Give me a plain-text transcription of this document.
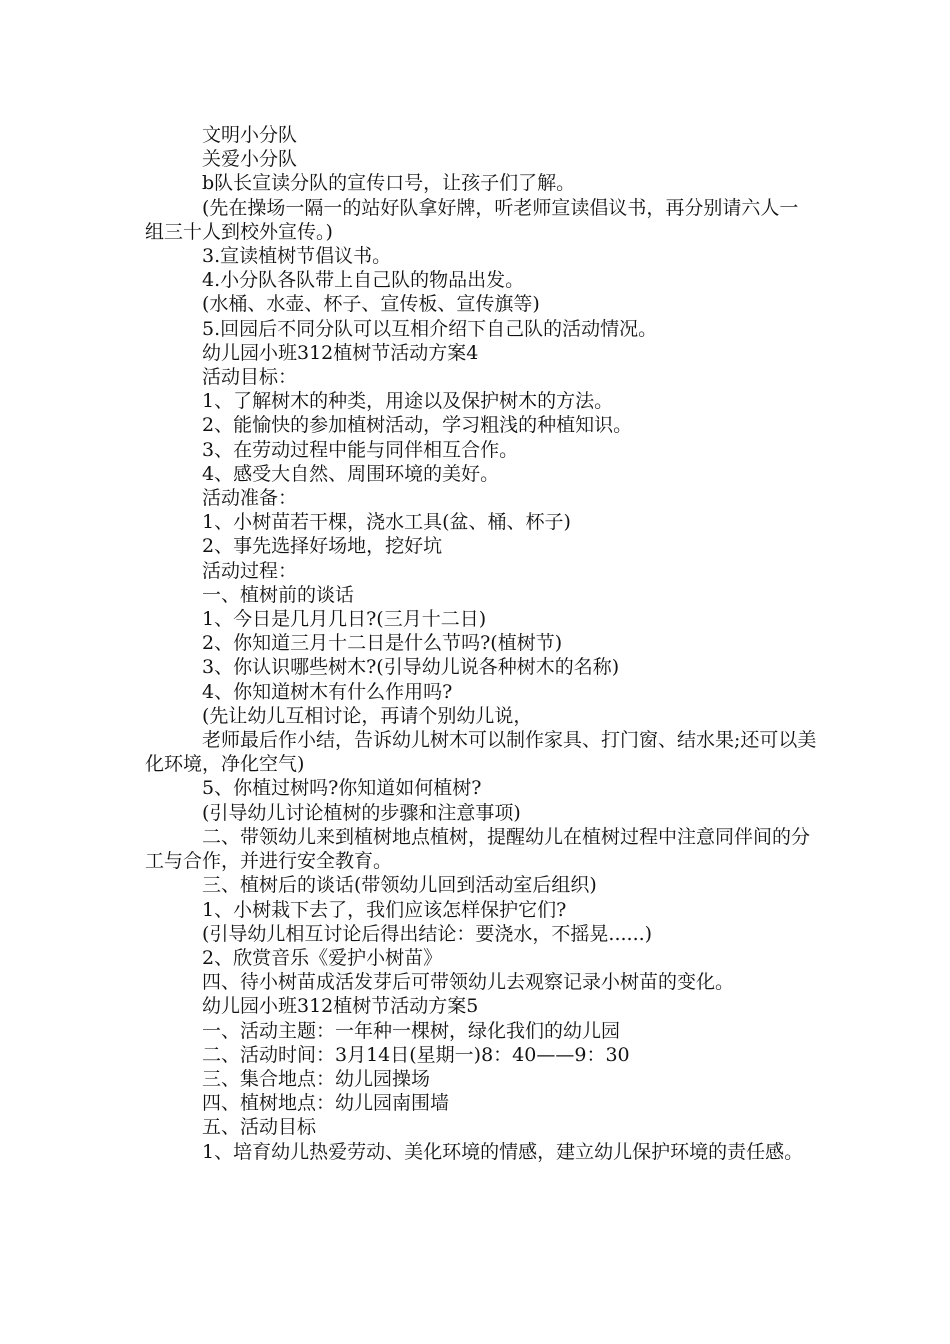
文明小分队
关爱小分队
b队长宣读分队的宣传口号，让孩子们了解。
(先在操场一隔一的站好队拿好牌，听老师宣读倡议书，再分别请六人一组三十人到校外宣传。)
3.宣读植树节倡议书。
4.小分队各队带上自己队的物品出发。
(水桶、水壶、杯子、宣传板、宣传旗等)
5.回园后不同分队可以互相介绍下自己队的活动情况。
幼儿园小班312植树节活动方案4
活动目标：
1、了解树木的种类，用途以及保护树木的方法。
2、能愉快的参加植树活动，学习粗浅的种植知识。
3、在劳动过程中能与同伴相互合作。
4、感受大自然、周围环境的美好。
活动准备：
1、小树苗若干棵，浇水工具(盆、桶、杯子)
2、事先选择好场地，挖好坑
活动过程：
一、植树前的谈话
1、今日是几月几日?(三月十二日)
2、你知道三月十二日是什么节吗?(植树节)
3、你认识哪些树木?(引导幼儿说各种树木的名称)
4、你知道树木有什么作用吗?
(先让幼儿互相讨论，再请个别幼儿说，
老师最后作小结，告诉幼儿树木可以制作家具、打门窗、结水果;还可以美化环境，净化空气)
5、你植过树吗?你知道如何植树?
(引导幼儿讨论植树的步骤和注意事项)
二、带领幼儿来到植树地点植树，提醒幼儿在植树过程中注意同伴间的分工与合作，并进行安全教育。
三、植树后的谈话(带领幼儿回到活动室后组织)
1、小树栽下去了，我们应该怎样保护它们?
(引导幼儿相互讨论后得出结论：要浇水，不摇晃......)
2、欣赏音乐《爱护小树苗》
四、待小树苗成活发芽后可带领幼儿去观察记录小树苗的变化。
幼儿园小班312植树节活动方案5
一、活动主题：一年种一棵树，绿化我们的幼儿园
二、活动时间：3月14日(星期一)8：40——9：30
三、集合地点：幼儿园操场
四、植树地点：幼儿园南围墙
五、活动目标
1、培育幼儿热爱劳动、美化环境的情感，建立幼儿保护环境的责任感。
